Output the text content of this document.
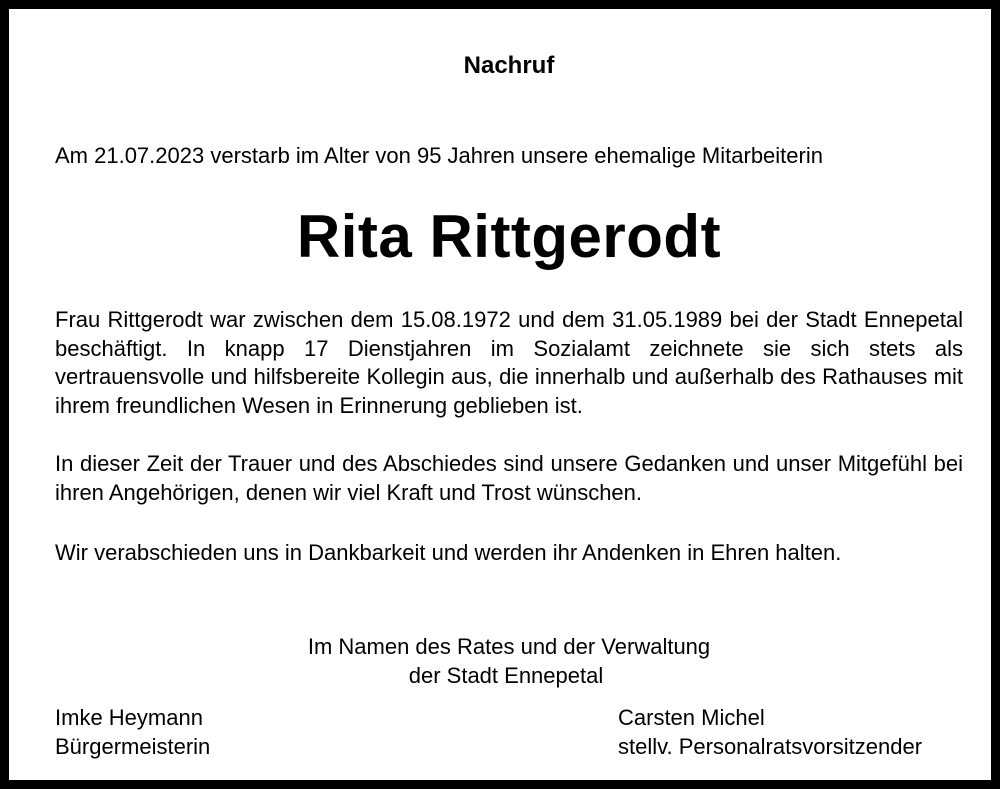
Nachruf
Am 21.07.2023 verstarb im Alter von 95 Jahren unsere ehemalige Mitarbeiterin
Rita Rittgerodt

Frau Rittgerodt war zwischen dem 15.08.1972 und dem 31.05.1989 bei der Stadt Ennepetal beschäftigt. In knapp 17 Dienstjahren im Sozialamt zeichnete sie sich stets als vertrauensvolle und hilfsbereite Kollegin aus, die innerhalb und außerhalb des Rathauses mit ihrem freundlichen Wesen in Erinnerung geblieben ist.

In dieser Zeit der Trauer und des Abschiedes sind unsere Gedanken und unser Mitgefühl bei ihren Angehörigen, denen wir viel Kraft und Trost wünschen.

Wir verabschieden uns in Dankbarkeit und werden ihr Andenken in Ehren halten.

Im Namen des Rates und der Verwaltung
der Stadt Ennepetal
Imke Heymann
Bürgermeisterin
Carsten Michel
stellv. Personalratsvorsitzender
